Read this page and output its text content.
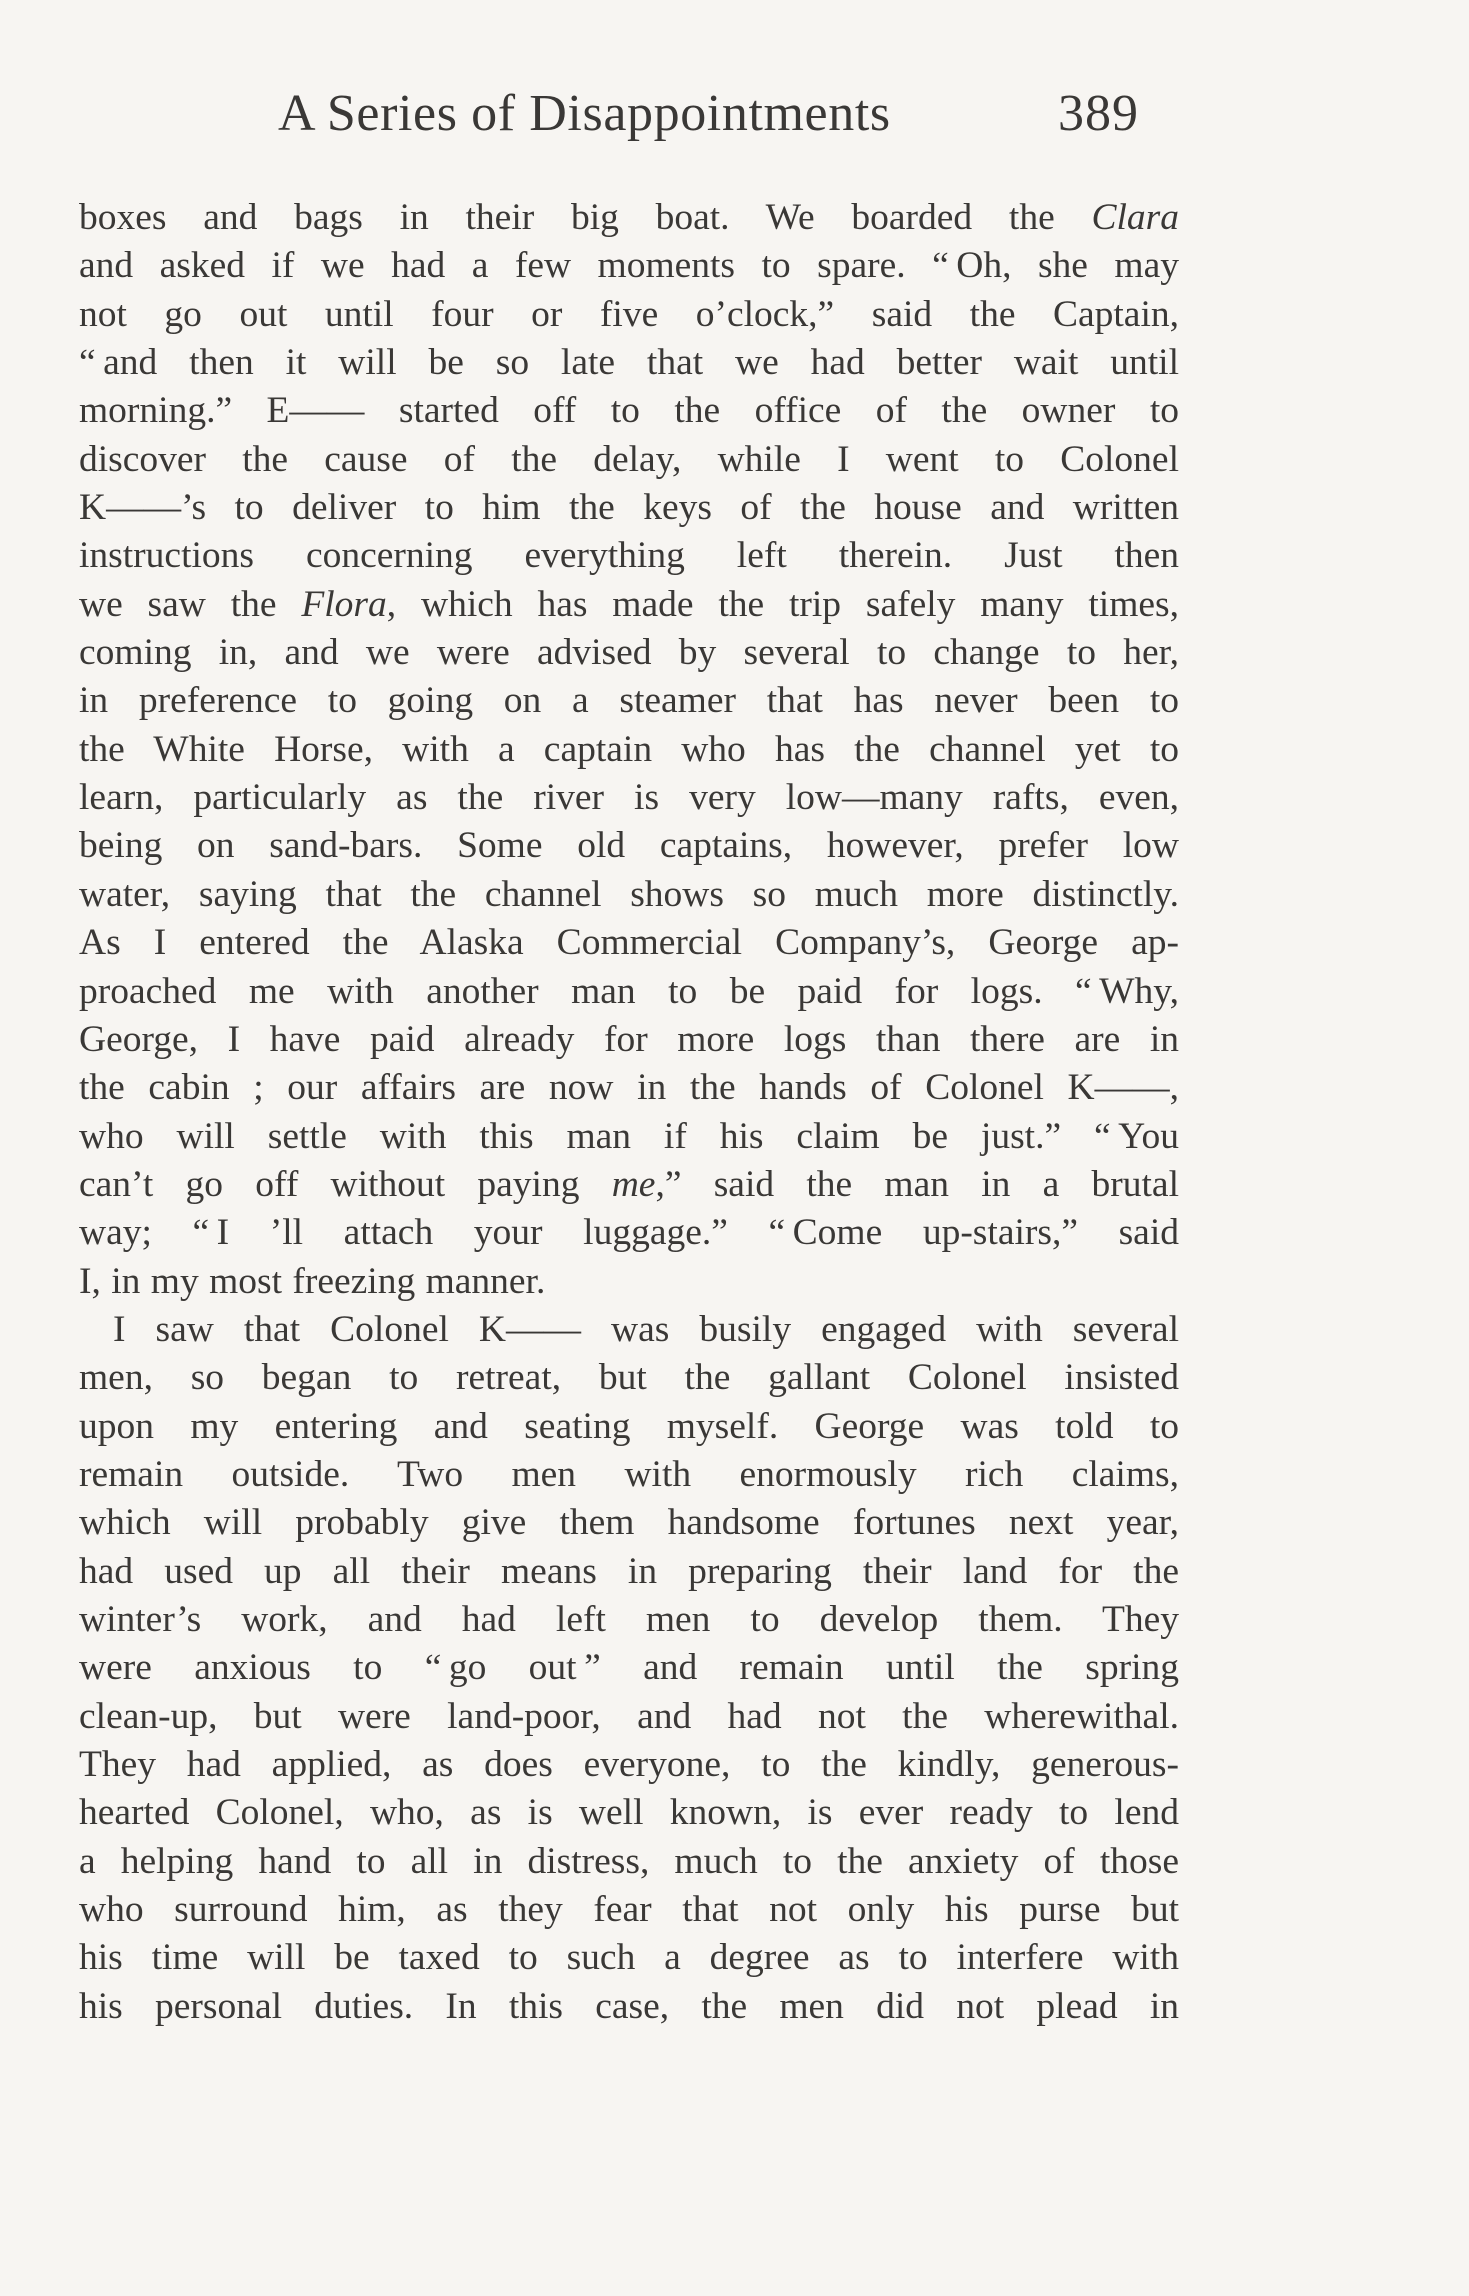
A Series of Disappointments	389
boxes and bags in their big boat. We boarded the Clara
and asked if we had a few moments to spare. “ Oh, she may
not go out until four or five o’clock,” said the Captain,
“ and then it will be so late that we had better wait until
morning.” E—— started off to the office of the owner to
discover the cause of the delay, while I went to Colonel
K——’s to deliver to him the keys of the house and written
instructions concerning everything left therein. Just then
we saw the Flora, which has made the trip safely many times,
coming in, and we were advised by several to change to her,
in preference to going on a steamer that has never been to
the White Horse, with a captain who has the channel yet to
learn, particularly as the river is very low—many rafts, even,
being on sand-bars. Some old captains, however, prefer low
water, saying that the channel shows so much more distinctly.
As I entered the Alaska Commercial Company’s, George ap-
proached me with another man to be paid for logs. “ Why,
George, I have paid already for more logs than there are in
the cabin ; our affairs are now in the hands of Colonel K——,
who will settle with this man if his claim be just.” “ You
can’t go off without paying me,” said the man in a brutal
way; “ I ’ll attach your luggage.” “ Come up-stairs,” said
I, in my most freezing manner.
I saw that Colonel K—— was busily engaged with several
men, so began to retreat, but the gallant Colonel insisted
upon my entering and seating myself. George was told to
remain outside. Two men with enormously rich claims,
which will probably give them handsome fortunes next year,
had used up all their means in preparing their land for the
winter’s work, and had left men to develop them. They
were anxious to “ go out ” and remain until the spring
clean-up, but were land-poor, and had not the wherewithal.
They had applied, as does everyone, to the kindly, generous-
hearted Colonel, who, as is well known, is ever ready to lend
a helping hand to all in distress, much to the anxiety of those
who surround him, as they fear that not only his purse but
his time will be taxed to such a degree as to interfere with
his personal duties. In this case, the men did not plead in
